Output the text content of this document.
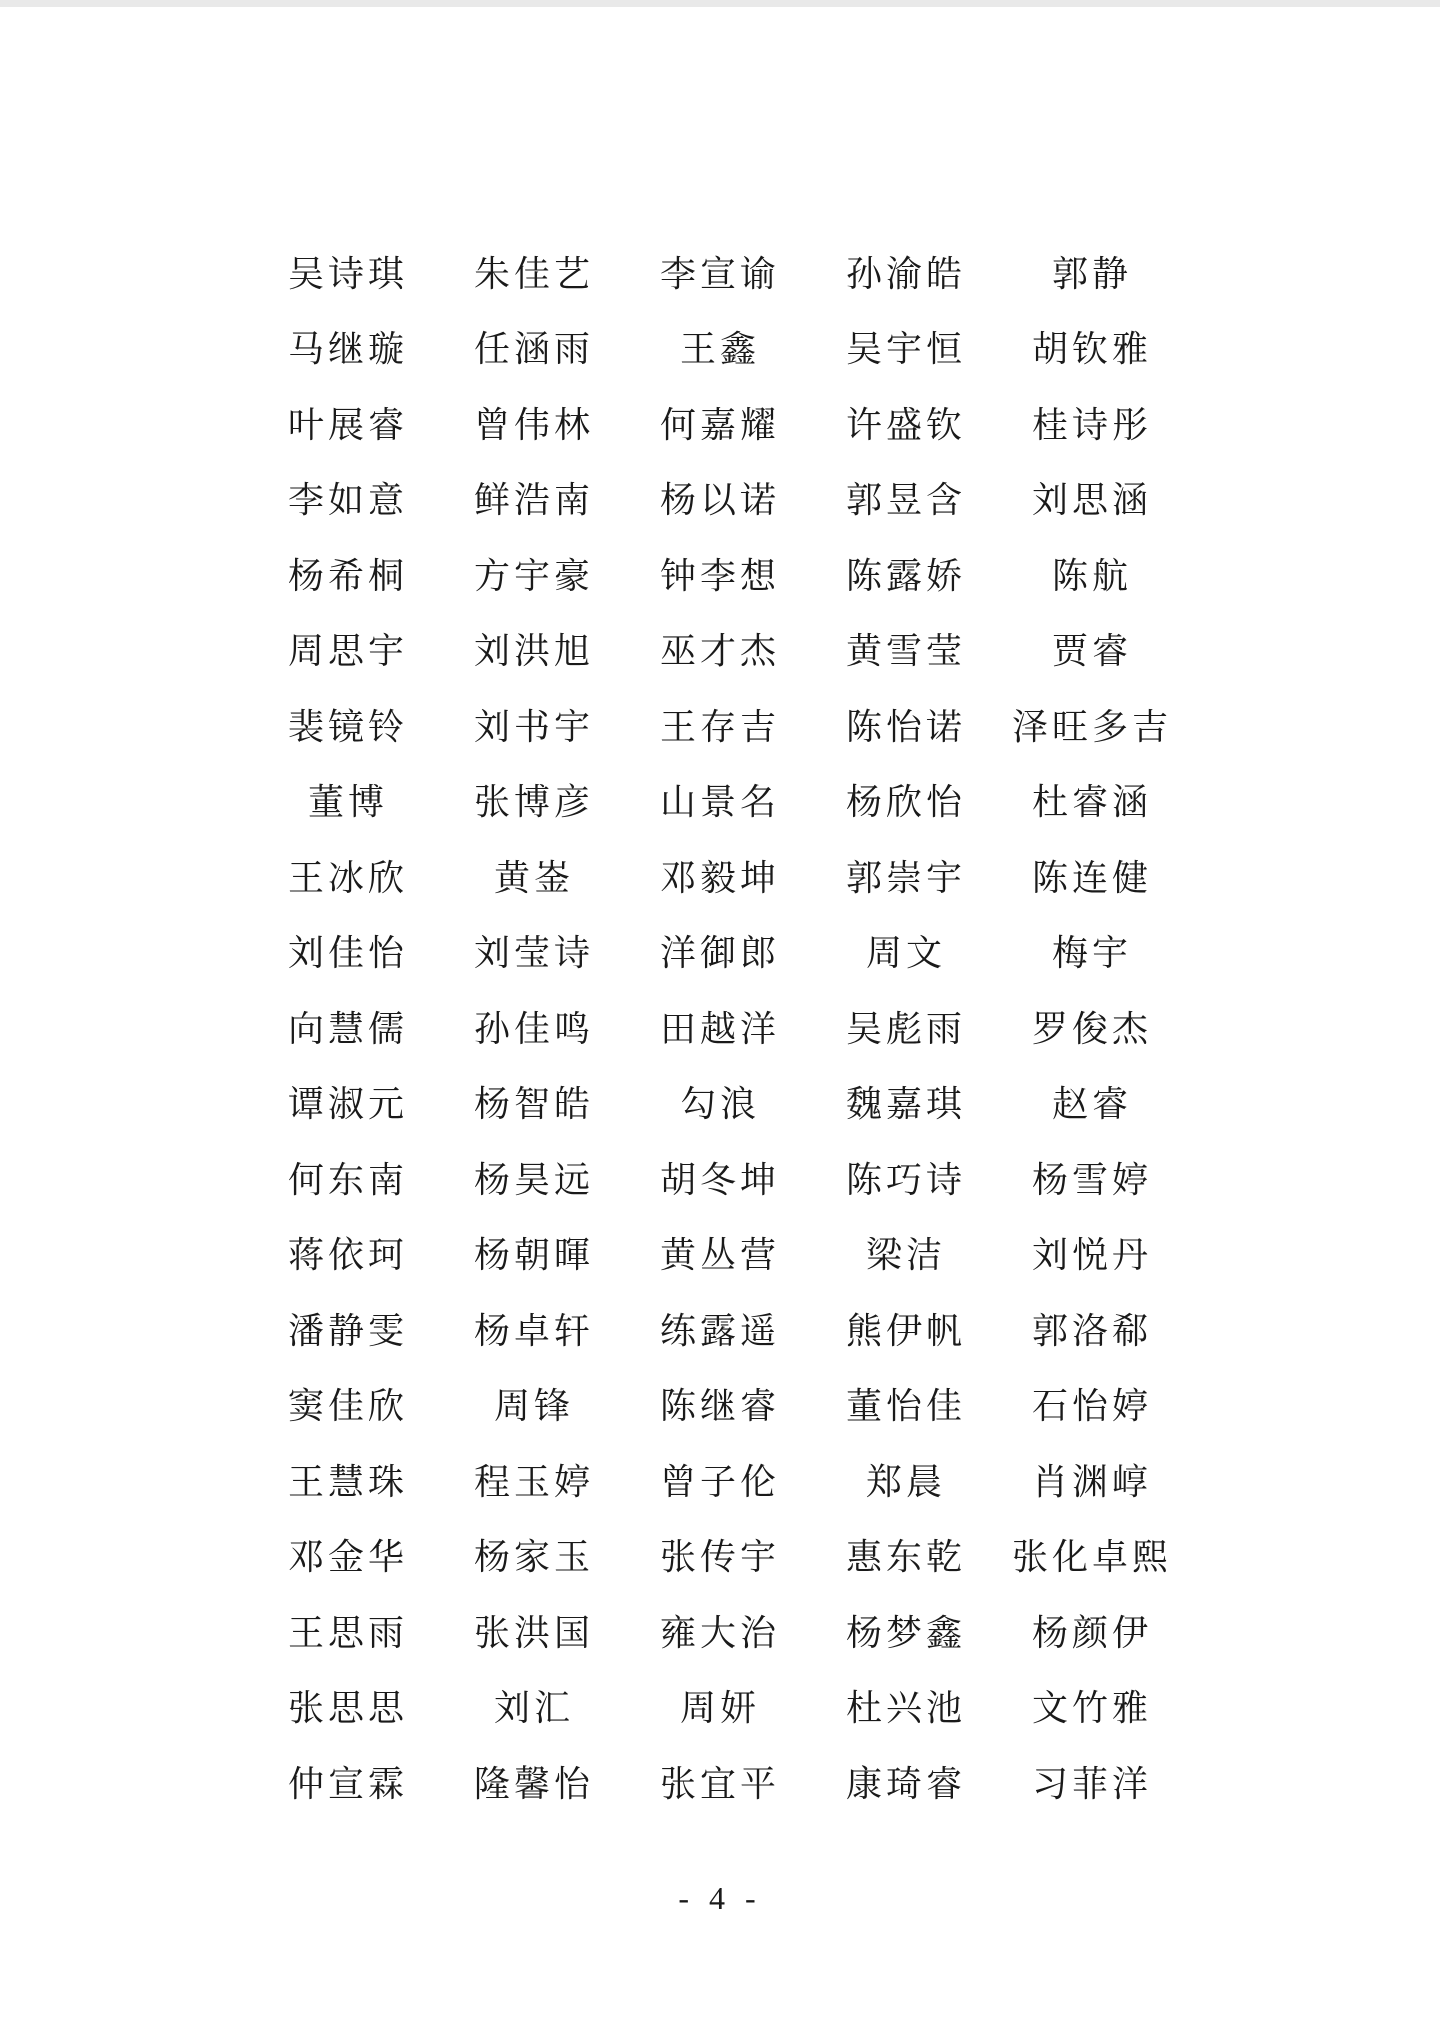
吴诗琪	朱佳艺	李宣谕	孙渝皓	郭静
马继璇	任涵雨	王鑫	吴宇恒	胡钦雅
叶展睿	曾伟林	何嘉耀	许盛钦	桂诗彤
李如意	鲜浩南	杨以诺	郭昱含	刘思涵
杨希桐	方宇豪	钟李想	陈露娇	陈航
周思宇	刘洪旭	巫才杰	黄雪莹	贾睿
裴镜铃	刘书宇	王存吉	陈怡诺	泽旺多吉
董博	张博彦	山景名	杨欣怡	杜睿涵
王冰欣	黄崟	邓毅坤	郭崇宇	陈连健
刘佳怡	刘莹诗	洋御郎	周文	梅宇
向慧儒	孙佳鸣	田越洋	吴彪雨	罗俊杰
谭淑元	杨智皓	勾浪	魏嘉琪	赵睿
何东南	杨昊远	胡冬坤	陈巧诗	杨雪婷
蒋依珂	杨朝暉	黄丛营	梁洁	刘悦丹
潘静雯	杨卓轩	练露遥	熊伊帆	郭洛郗
窦佳欣	周锋	陈继睿	董怡佳	石怡婷
王慧珠	程玉婷	曾子伦	郑晨	肖渊崞
邓金华	杨家玉	张传宇	惠东乾	张化卓熙
王思雨	张洪国	雍大治	杨梦鑫	杨颜伊
张思思	刘汇	周妍	杜兴池	文竹雅
仲宣霖	隆馨怡	张宜平	康琦睿	习菲洋
- 4 -
